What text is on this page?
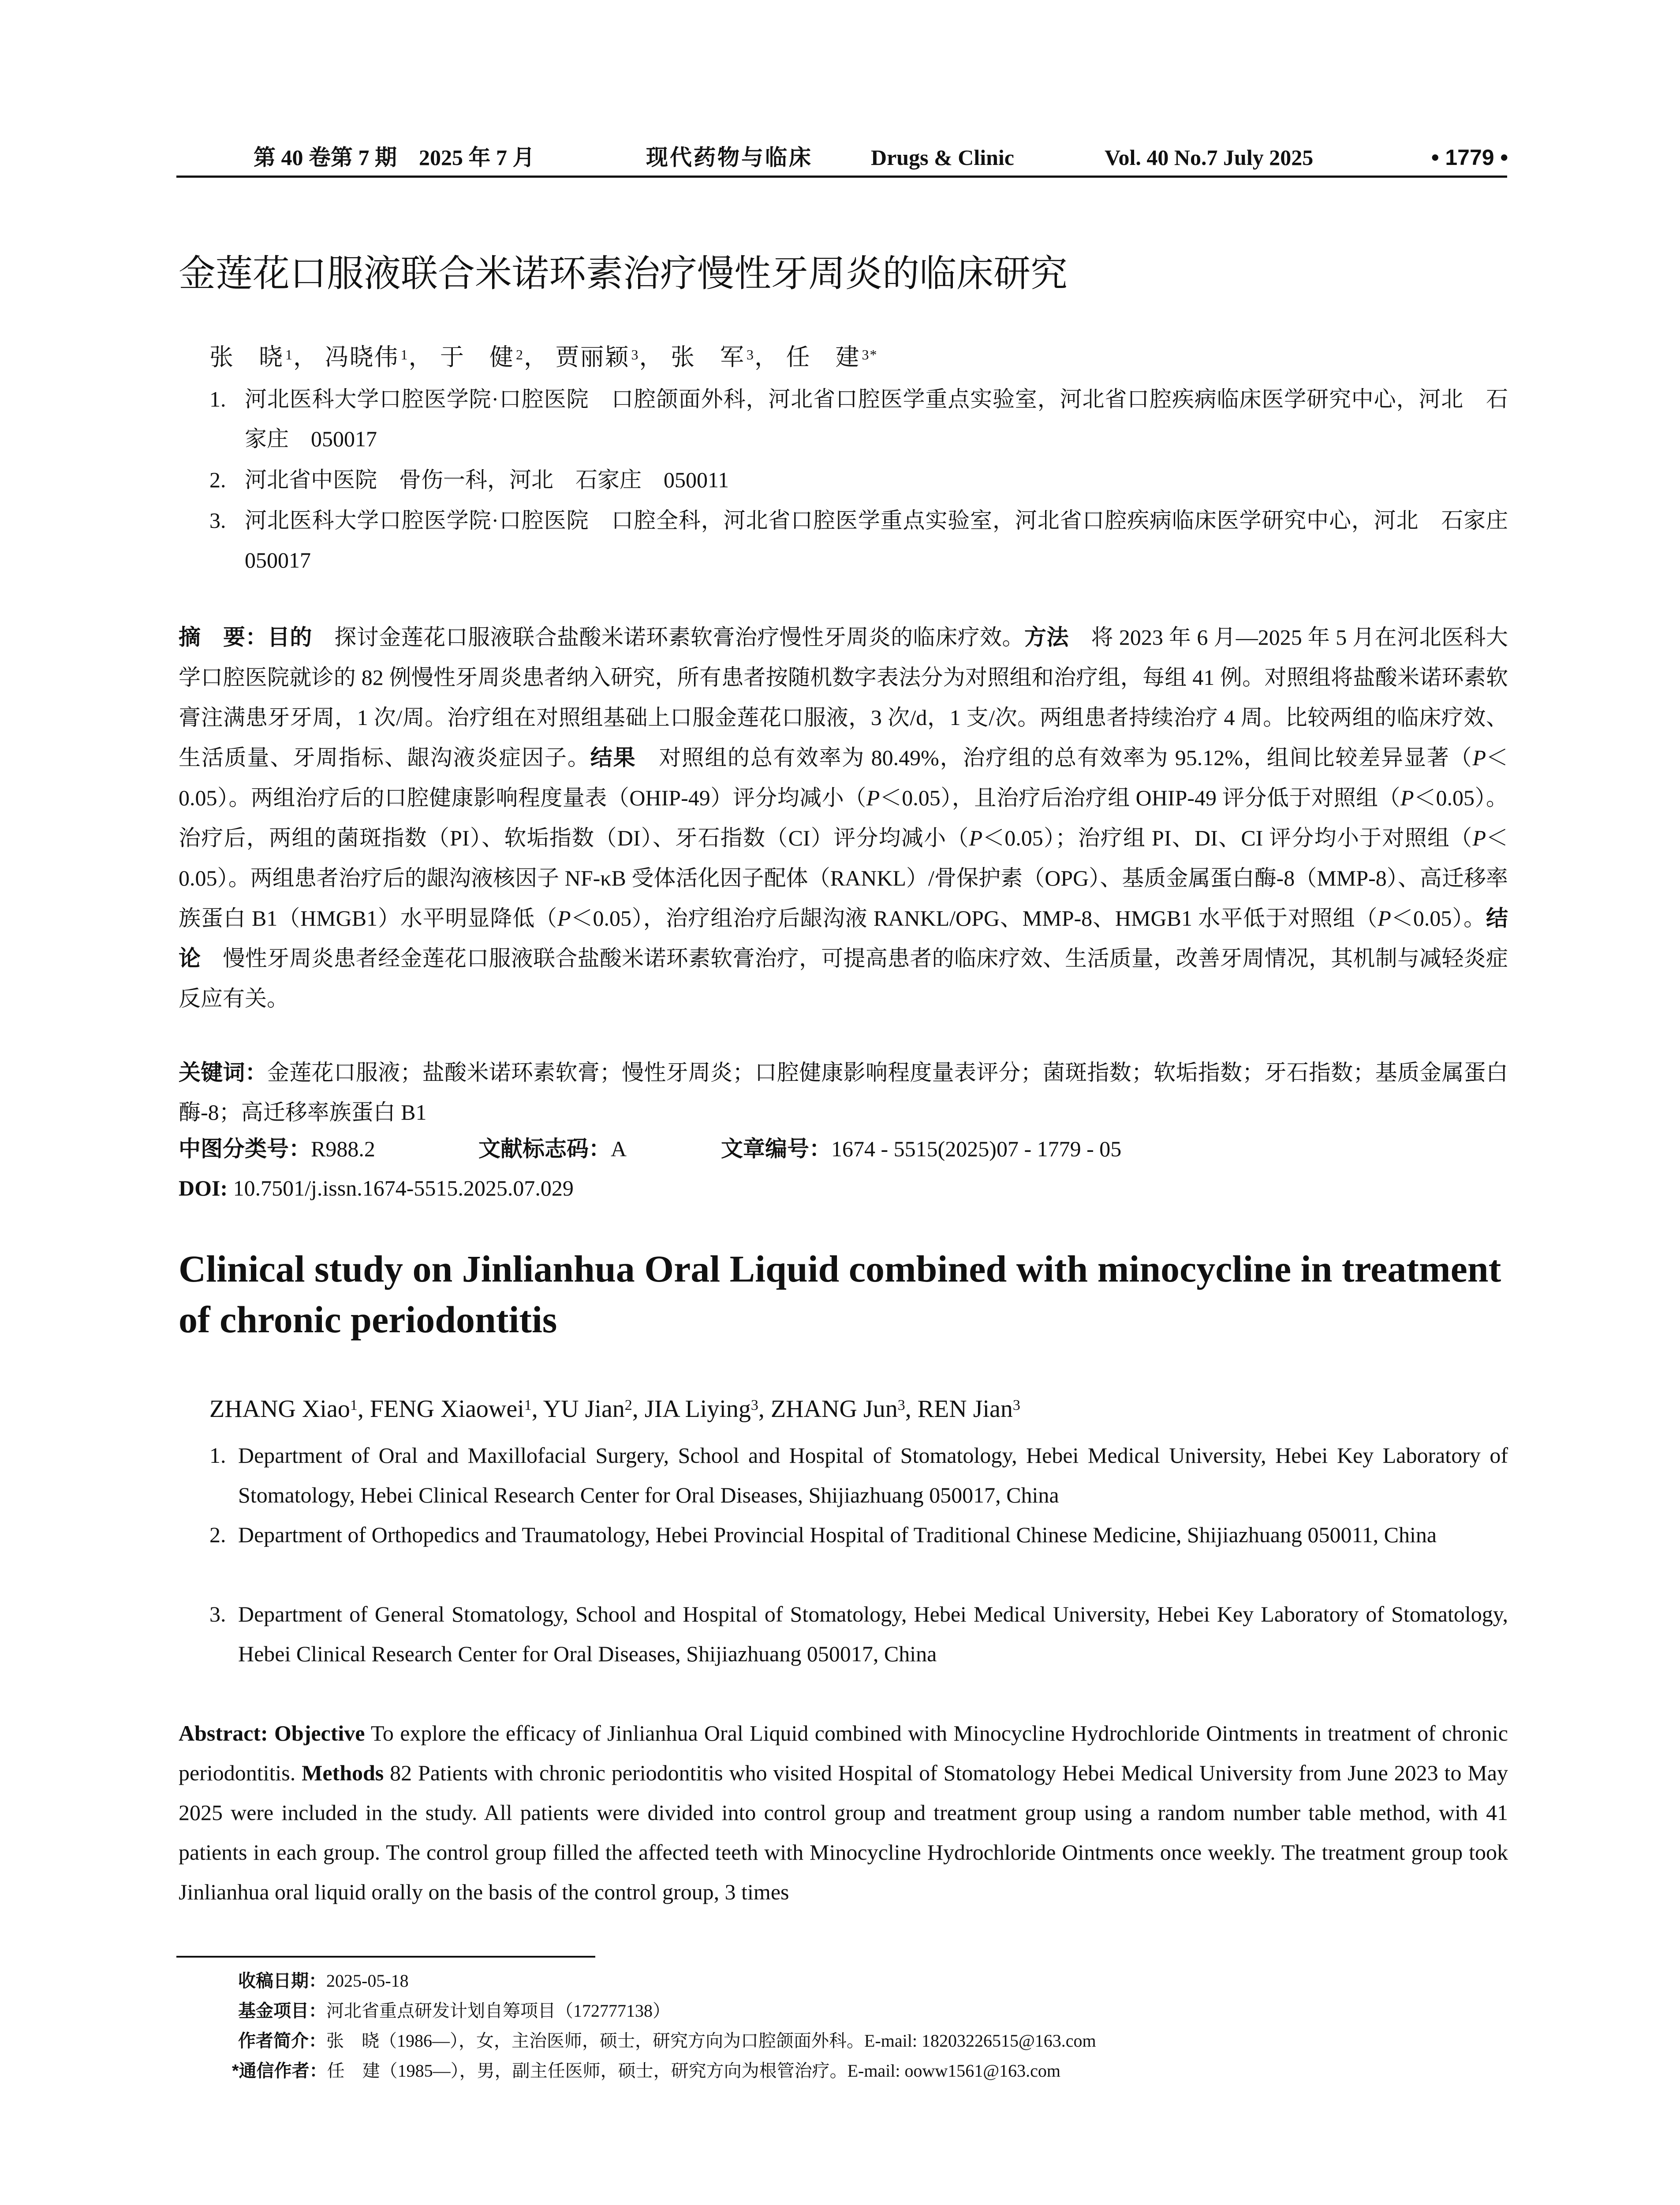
第 40 卷第 7 期　2025 年 7 月	现代药物与临床	Drugs & Clinic	Vol. 40 No.7 July 2025	• 1779 •
金莲花口服液联合米诺环素治疗慢性牙周炎的临床研究
张　晓 $^1$， 冯晓伟 $^1$， 于　健 $^2$， 贾丽颖 $^3$， 张　军 $^3$， 任　建 $^{3*}$
1. 河北医科大学口腔医学院·口腔医院　口腔颌面外科，河北省口腔医学重点实验室，河北省口腔疾病临床医学研究中心，河北　石家庄　050017
2. 河北省中医院　骨伤一科，河北　石家庄　050011
3. 河北医科大学口腔医学院·口腔医院　口腔全科，河北省口腔医学重点实验室，河北省口腔疾病临床医学研究中心，河北　石家庄　050017
摘　要：目的　探讨金莲花口服液联合盐酸米诺环素软膏治疗慢性牙周炎的临床疗效。方法　将 2023 年 6 月—2025 年 5 月在河北医科大学口腔医院就诊的 82 例慢性牙周炎患者纳入研究，所有患者按随机数字表法分为对照组和治疗组，每组 41 例。对照组将盐酸米诺环素软膏注满患牙牙周，1 次/周。治疗组在对照组基础上口服金莲花口服液，3 次/d，1 支/次。两组患者持续治疗 4 周。比较两组的临床疗效、生活质量、牙周指标、龈沟液炎症因子。结果　对照组的总有效率为 80.49%，治疗组的总有效率为 95.12%，组间比较差异显著（P＜0.05）。两组治疗后的口腔健康影响程度量表（OHIP-49）评分均减小（P＜0.05），且治疗后治疗组 OHIP-49 评分低于对照组（P＜0.05）。治疗后，两组的菌斑指数（PI）、软垢指数（DI）、牙石指数（CI）评分均减小（P＜0.05）；治疗组 PI、DI、CI 评分均小于对照组（P＜0.05）。两组患者治疗后的龈沟液核因子 NF-κB 受体活化因子配体（RANKL）/骨保护素（OPG）、基质金属蛋白酶-8（MMP-8）、高迁移率族蛋白 B1（HMGB1）水平明显降低（P＜0.05），治疗组治疗后龈沟液 RANKL/OPG、MMP-8、HMGB1 水平低于对照组（P＜0.05）。结论　慢性牙周炎患者经金莲花口服液联合盐酸米诺环素软膏治疗，可提高患者的临床疗效、生活质量，改善牙周情况，其机制与减轻炎症反应有关。
关键词：金莲花口服液；盐酸米诺环素软膏；慢性牙周炎；口腔健康影响程度量表评分；菌斑指数；软垢指数；牙石指数；基质金属蛋白酶-8；高迁移率族蛋白 B1
中图分类号： R988.2	文献标志码： A	文章编号： 1674 - 5515(2025)07 - 1779 - 05
DOI: 10.7501/j.issn.1674-5515.2025.07.029
Clinical study on Jinlianhua Oral Liquid combined with minocycline in treatment of chronic periodontitis
ZHANG Xiao$^1$, FENG Xiaowei$^1$, YU Jian$^2$, JIA Liying$^3$, ZHANG Jun$^3$, REN Jian$^3$
1. Department of Oral and Maxillofacial Surgery, School and Hospital of Stomatology, Hebei Medical University, Hebei Key Laboratory of Stomatology, Hebei Clinical Research Center for Oral Diseases, Shijiazhuang 050017, China
2. Department of Orthopedics and Traumatology, Hebei Provincial Hospital of Traditional Chinese Medicine, Shijiazhuang 050011, China
3. Department of General Stomatology, School and Hospital of Stomatology, Hebei Medical University, Hebei Key Laboratory of Stomatology, Hebei Clinical Research Center for Oral Diseases, Shijiazhuang 050017, China
Abstract: Objective To explore the efficacy of Jinlianhua Oral Liquid combined with Minocycline Hydrochloride Ointments in treatment of chronic periodontitis. Methods 82 Patients with chronic periodontitis who visited Hospital of Stomatology Hebei Medical University from June 2023 to May 2025 were included in the study. All patients were divided into control group and treatment group using a random number table method, with 41 patients in each group. The control group filled the affected teeth with Minocycline Hydrochloride Ointments once weekly. The treatment group took Jinlianhua oral liquid orally on the basis of the control group, 3 times
收稿日期：2025-05-18
基金项目：河北省重点研发计划自筹项目（172777138）
作者简介：张　晓（1986—），女，主治医师，硕士，研究方向为口腔颌面外科。E-mail: 18203226515@163.com
*通信作者：任　建（1985—），男，副主任医师，硕士，研究方向为根管治疗。E-mail: ooww1561@163.com
